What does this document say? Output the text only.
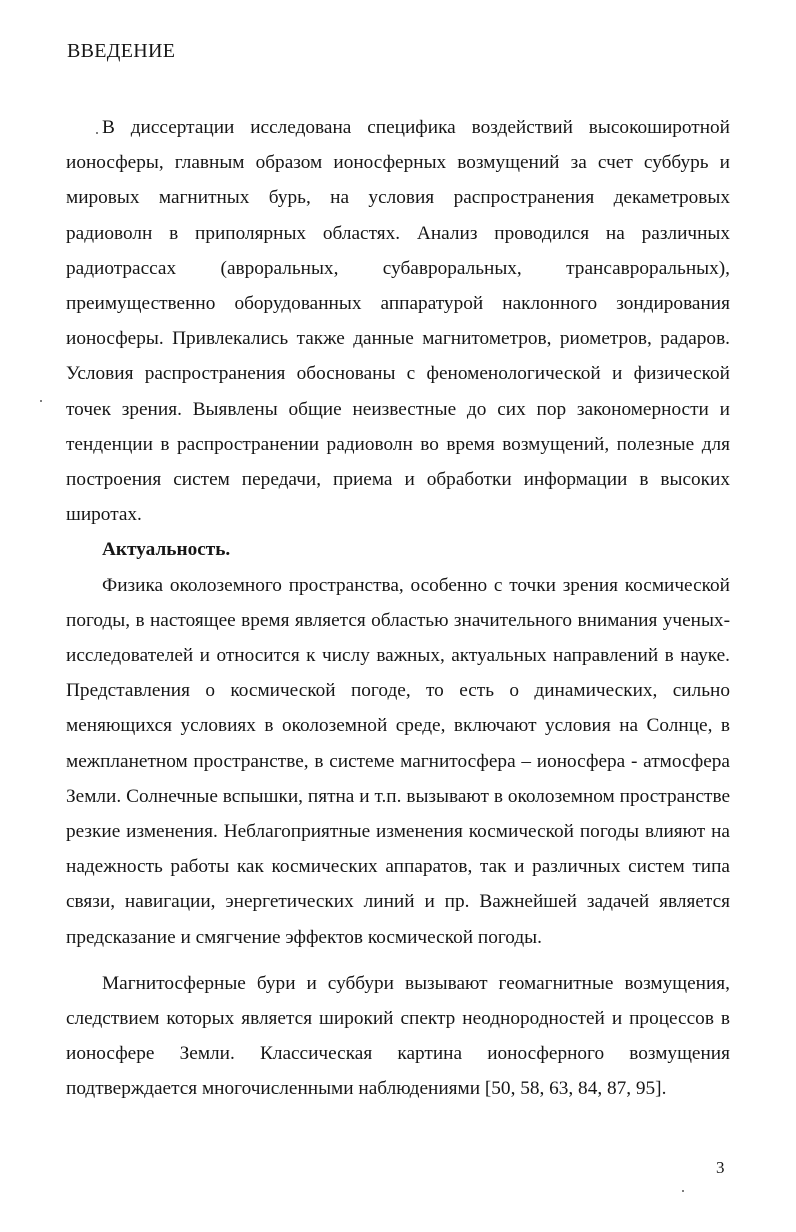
ВВЕДЕНИЕ

В диссертации исследована специфика воздействий высокоширотной ионосферы, главным образом ионосферных возмущений за счет суббурь и мировых магнитных бурь, на условия распространения декаметровых радиоволн в приполярных областях. Анализ проводился на различных радиотрассах (авроральных, субавроральных, трансавроральных), преимущественно оборудованных аппаратурой наклонного зондирования ионосферы. Привлекались также данные магнитометров, риометров, радаров. Условия распространения обоснованы с феноменологической и физической точек зрения. Выявлены общие неизвестные до сих пор закономерности и тенденции в распространении радиоволн во время возмущений, полезные для построения систем передачи, приема и обработки информации в высоких широтах.

Актуальность.

Физика околоземного пространства, особенно с точки зрения космической погоды, в настоящее время является областью значительного внимания ученых-исследователей и относится к числу важных, актуальных направлений в науке. Представления о космической погоде, то есть о динамических, сильно меняющихся условиях в околоземной среде, включают условия на Солнце, в межпланетном пространстве, в системе магнитосфера – ионосфера - атмосфера Земли. Солнечные вспышки, пятна и т.п. вызывают в околоземном пространстве резкие изменения. Неблагоприятные изменения космической погоды влияют на надежность работы как космических аппаратов, так и различных систем типа связи, навигации, энергетических линий и пр. Важнейшей задачей является предсказание и смягчение эффектов космической погоды.

Магнитосферные бури и суббури вызывают геомагнитные возмущения, следствием которых является широкий спектр неоднородностей и процессов в ионосфере Земли. Классическая картина ионосферного возмущения подтверждается многочисленными наблюдениями [50, 58, 63, 84, 87, 95].

3
